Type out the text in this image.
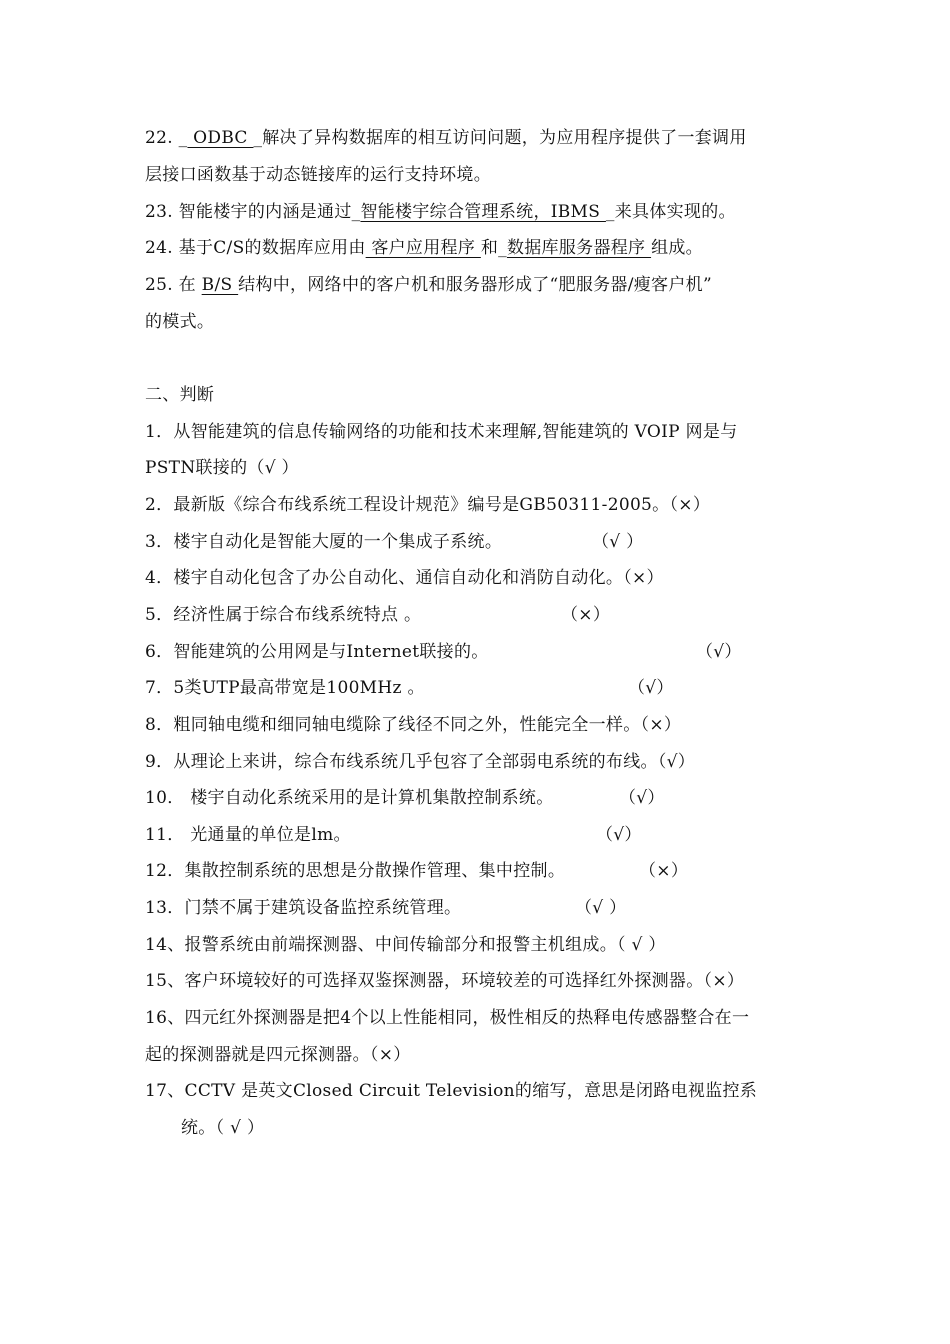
22. _ ODBC _解决了异构数据库的相互访问问题，为应用程序提供了一套调用
层接口函数基于动态链接库的运行支持环境。
23. 智能楼宇的内涵是通过_智能楼宇综合管理系统，IBMS _来具体实现的。
24. 基于C/S的数据库应用由 客户应用程序 和_数据库服务器程序 组成。
25. 在 B/S 结构中，网络中的客户机和服务器形成了“肥服务器/瘦客户机”
的模式。
二、判断
1．从智能建筑的信息传输网络的功能和技术来理解,智能建筑的 VOIP 网是与
PSTN联接的（√ ）
2．最新版《综合布线系统工程设计规范》编号是GB50311-2005。（×）
3．楼宇自动化是智能大厦的一个集成子系统。	（√ ）
4．楼宇自动化包含了办公自动化、通信自动化和消防自动化。（×）
5．经济性属于综合布线系统特点 。	（×）
6．智能建筑的公用网是与Internet联接的。	（√）
7．5类UTP最高带宽是100MHz 。	（√）
8．粗同轴电缆和细同轴电缆除了线径不同之外，性能完全一样。（×）
9．从理论上来讲，综合布线系统几乎包容了全部弱电系统的布线。（√）
10． 楼宇自动化系统采用的是计算机集散控制系统。	（√）
11． 光通量的单位是lm。	（√）
12．集散控制系统的思想是分散操作管理、集中控制。	（×）
13．门禁不属于建筑设备监控系统管理。	（√ ）
14、报警系统由前端探测器、中间传输部分和报警主机组成。（ √ ）
15、客户环境较好的可选择双鉴探测器，环境较差的可选择红外探测器。（×）
16、四元红外探测器是把4个以上性能相同，极性相反的热释电传感器整合在一
起的探测器就是四元探测器。（×）
17、CCTV 是英文Closed Circuit Television的缩写，意思是闭路电视监控系
统。（ √ ）
